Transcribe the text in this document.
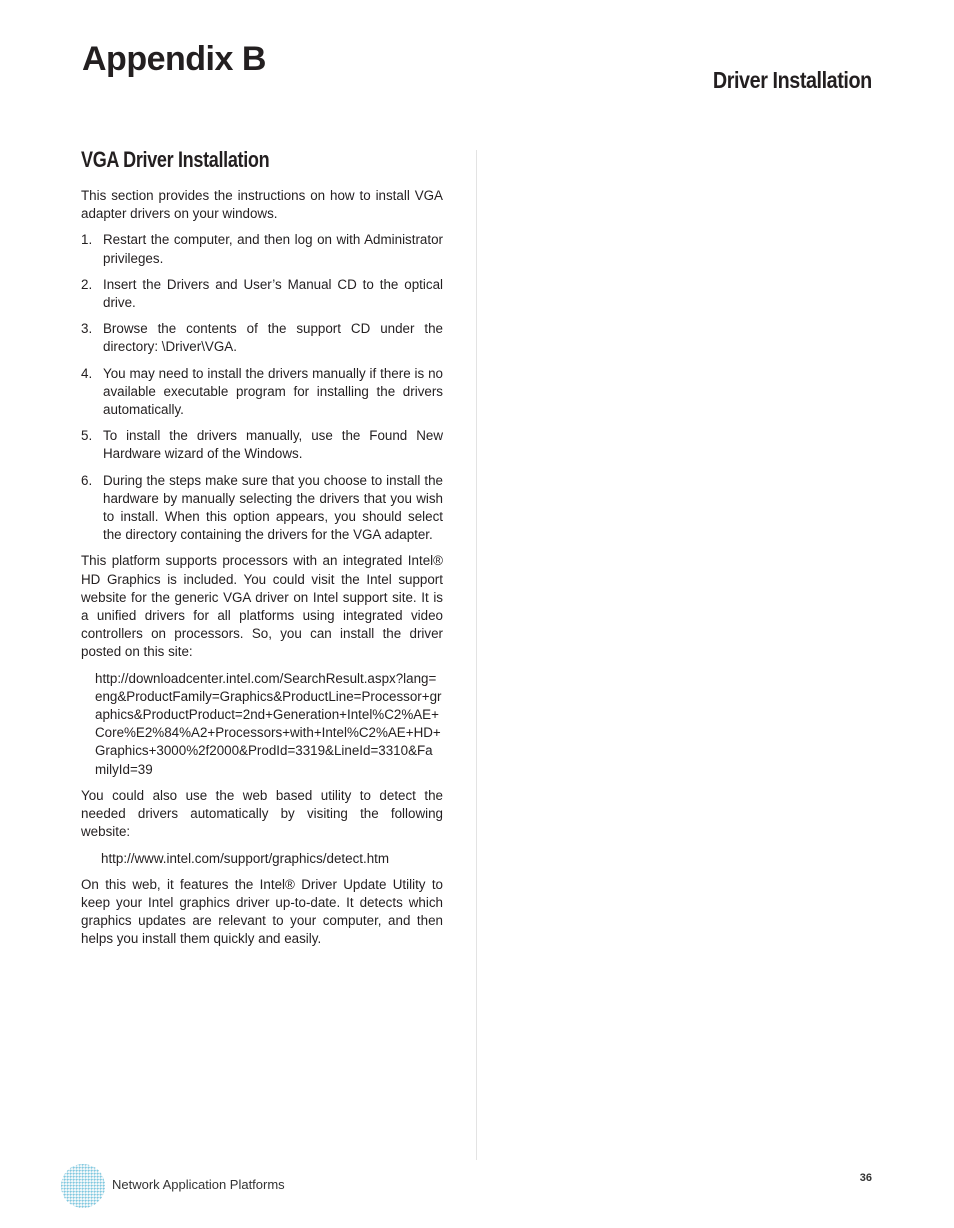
Appendix B
Driver Installation
VGA Driver Installation

This section provides the instructions on how to install VGA adapter drivers on your windows.

1. Restart the computer, and then log on with Administrator privileges.
2. Insert the Drivers and User’s Manual CD to the optical drive.
3. Browse the contents of the support CD under the directory: \Driver\VGA.
4. You may need to install the drivers manually if there is no available executable program for installing the drivers automatically.
5. To install the drivers manually, use the Found New Hardware wizard of the Windows.
6. During the steps make sure that you choose to install the hardware by manually selecting the drivers that you wish to install. When this option appears, you should select the directory containing the drivers for the VGA adapter.

This platform supports processors with an integrated Intel® HD Graphics is included. You could visit the Intel support website for the generic VGA driver on Intel support site. It is a unified drivers for all platforms using integrated video controllers on processors. So, you can install the driver posted on this site:

http://downloadcenter.intel.com/SearchResult.aspx?lang=eng&ProductFamily=Graphics&ProductLine=Processor+graphics&ProductProduct=2nd+Generation+Intel%C2%AE+Core%E2%84%A2+Processors+with+Intel%C2%AE+HD+Graphics+3000%2f2000&ProdId=3319&LineId=3310&FamilyId=39

You could also use the web based utility to detect the needed drivers automatically by visiting the following website:

http://www.intel.com/support/graphics/detect.htm

On this web, it features the Intel® Driver Update Utility to keep your Intel graphics driver up-to-date. It detects which graphics updates are relevant to your computer, and then helps you install them quickly and easily.

Network Application Platforms	36
